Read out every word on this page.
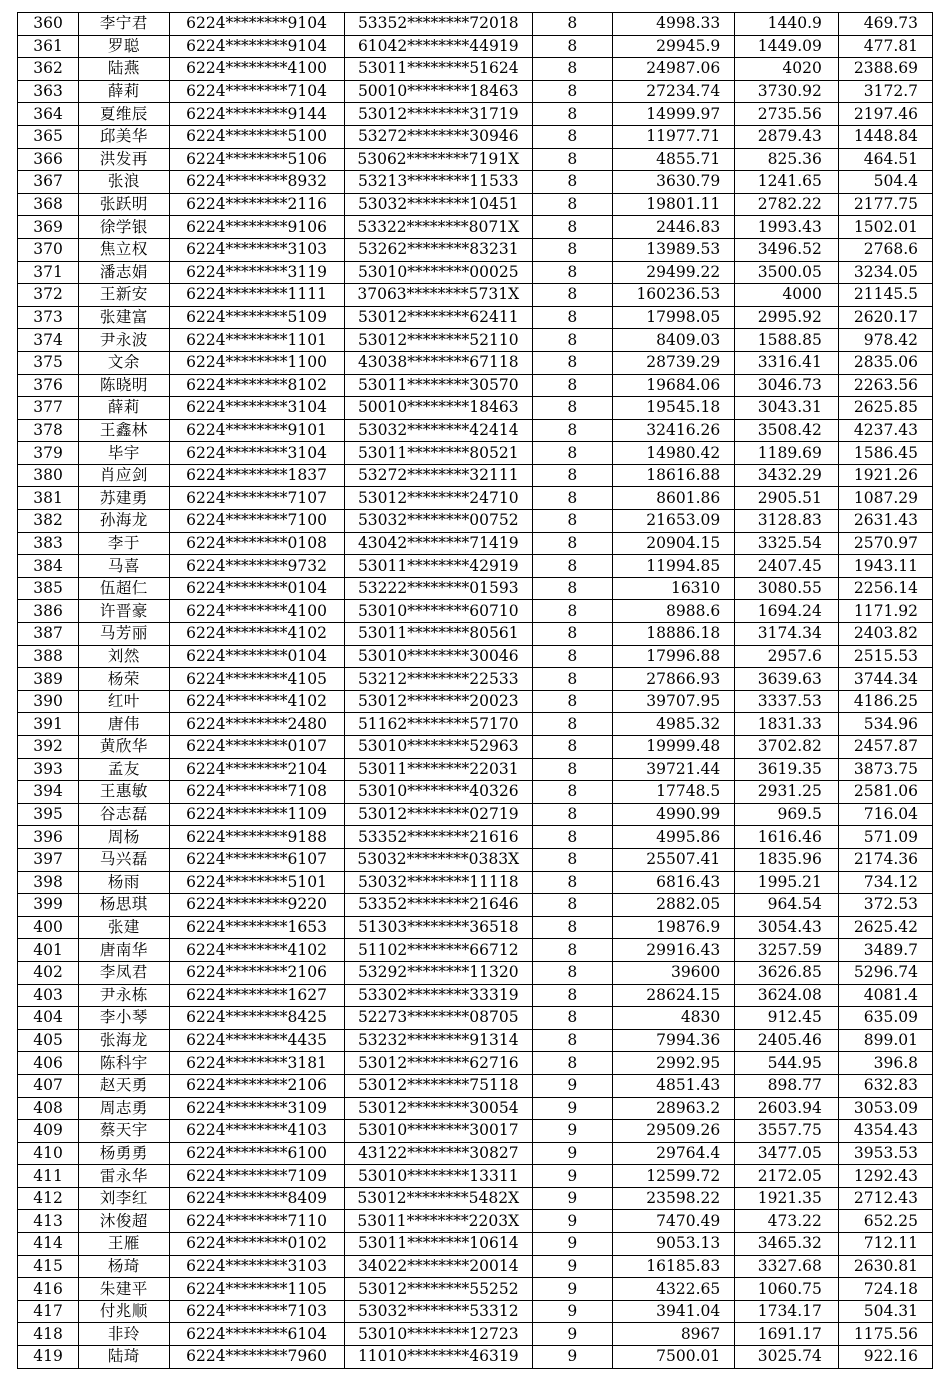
360	李宁君	6224********9104	53352********72018	8	4998.33	1440.9	469.73
361	罗聪	6224********9104	61042********44919	8	29945.9	1449.09	477.81
362	陆燕	6224********4100	53011********51624	8	24987.06	4020	2388.69
363	薛莉	6224********7104	50010********18463	8	27234.74	3730.92	3172.7
364	夏维辰	6224********9144	53012********31719	8	14999.97	2735.56	2197.46
365	邱美华	6224********5100	53272********30946	8	11977.71	2879.43	1448.84
366	洪发再	6224********5106	53062********7191X	8	4855.71	825.36	464.51
367	张浪	6224********8932	53213********11533	8	3630.79	1241.65	504.4
368	张跃明	6224********2116	53032********10451	8	19801.11	2782.22	2177.75
369	徐学银	6224********9106	53322********8071X	8	2446.83	1993.43	1502.01
370	焦立权	6224********3103	53262********83231	8	13989.53	3496.52	2768.6
371	潘志娟	6224********3119	53010********00025	8	29499.22	3500.05	3234.05
372	王新安	6224********1111	37063********5731X	8	160236.53	4000	21145.5
373	张建富	6224********5109	53012********62411	8	17998.05	2995.92	2620.17
374	尹永波	6224********1101	53012********52110	8	8409.03	1588.85	978.42
375	文余	6224********1100	43038********67118	8	28739.29	3316.41	2835.06
376	陈晓明	6224********8102	53011********30570	8	19684.06	3046.73	2263.56
377	薛莉	6224********3104	50010********18463	8	19545.18	3043.31	2625.85
378	王鑫林	6224********9101	53032********42414	8	32416.26	3508.42	4237.43
379	毕宇	6224********3104	53011********80521	8	14980.42	1189.69	1586.45
380	肖应剑	6224********1837	53272********32111	8	18616.88	3432.29	1921.26
381	苏建勇	6224********7107	53012********24710	8	8601.86	2905.51	1087.29
382	孙海龙	6224********7100	53032********00752	8	21653.09	3128.83	2631.43
383	李于	6224********0108	43042********71419	8	20904.15	3325.54	2570.97
384	马喜	6224********9732	53011********42919	8	11994.85	2407.45	1943.11
385	伍超仁	6224********0104	53222********01593	8	16310	3080.55	2256.14
386	许晋豪	6224********4100	53010********60710	8	8988.6	1694.24	1171.92
387	马芳丽	6224********4102	53011********80561	8	18886.18	3174.34	2403.82
388	刘然	6224********0104	53010********30046	8	17996.88	2957.6	2515.53
389	杨荣	6224********4105	53212********22533	8	27866.93	3639.63	3744.34
390	红叶	6224********4102	53012********20023	8	39707.95	3337.53	4186.25
391	唐伟	6224********2480	51162********57170	8	4985.32	1831.33	534.96
392	黄欣华	6224********0107	53010********52963	8	19999.48	3702.82	2457.87
393	孟友	6224********2104	53011********22031	8	39721.44	3619.35	3873.75
394	王惠敏	6224********7108	53010********40326	8	17748.5	2931.25	2581.06
395	谷志磊	6224********1109	53012********02719	8	4990.99	969.5	716.04
396	周杨	6224********9188	53352********21616	8	4995.86	1616.46	571.09
397	马兴磊	6224********6107	53032********0383X	8	25507.41	1835.96	2174.36
398	杨雨	6224********5101	53032********11118	8	6816.43	1995.21	734.12
399	杨思琪	6224********9220	53352********21646	8	2882.05	964.54	372.53
400	张建	6224********1653	51303********36518	8	19876.9	3054.43	2625.42
401	唐南华	6224********4102	51102********66712	8	29916.43	3257.59	3489.7
402	李凤君	6224********2106	53292********11320	8	39600	3626.85	5296.74
403	尹永栋	6224********1627	53302********33319	8	28624.15	3624.08	4081.4
404	李小琴	6224********8425	52273********08705	8	4830	912.45	635.09
405	张海龙	6224********4435	53232********91314	8	7994.36	2405.46	899.01
406	陈科宇	6224********3181	53012********62716	8	2992.95	544.95	396.8
407	赵天勇	6224********2106	53012********75118	9	4851.43	898.77	632.83
408	周志勇	6224********3109	53012********30054	9	28963.2	2603.94	3053.09
409	蔡天宇	6224********4103	53010********30017	9	29509.26	3557.75	4354.43
410	杨勇勇	6224********6100	43122********30827	9	29764.4	3477.05	3953.53
411	雷永华	6224********7109	53010********13311	9	12599.72	2172.05	1292.43
412	刘李红	6224********8409	53012********5482X	9	23598.22	1921.35	2712.43
413	沐俊超	6224********7110	53011********2203X	9	7470.49	473.22	652.25
414	王雁	6224********0102	53011********10614	9	9053.13	3465.32	712.11
415	杨琦	6224********3103	34022********20014	9	16185.83	3327.68	2630.81
416	朱建平	6224********1105	53012********55252	9	4322.65	1060.75	724.18
417	付兆顺	6224********7103	53032********53312	9	3941.04	1734.17	504.31
418	非玲	6224********6104	53010********12723	9	8967	1691.17	1175.56
419	陆琦	6224********7960	11010********46319	9	7500.01	3025.74	922.16
